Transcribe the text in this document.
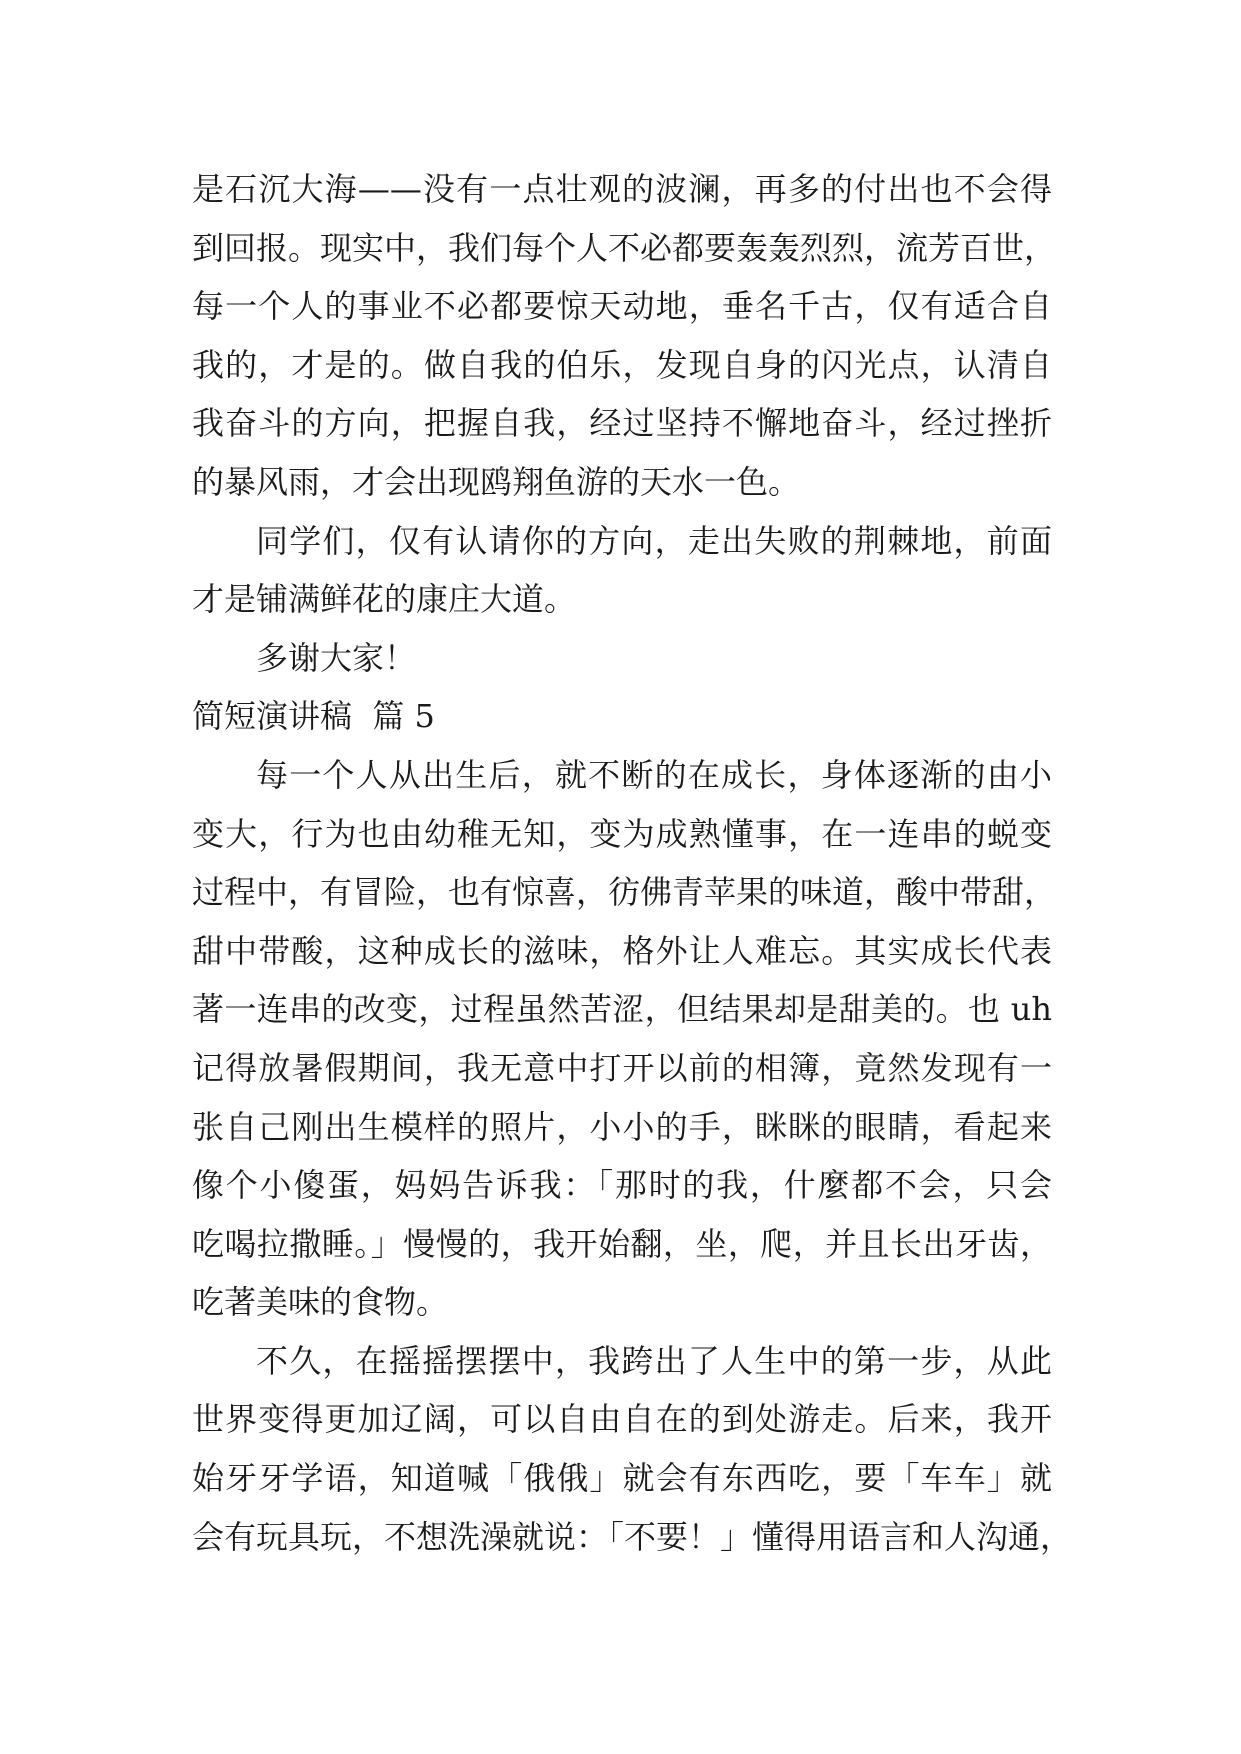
是石沉大海——没有一点壮观的波澜，再多的付出也不会得
到回报。现实中，我们每个人不必都要轰轰烈烈，流芳百世，
每一个人的事业不必都要惊天动地，垂名千古，仅有适合自
我的，才是的。做自我的伯乐，发现自身的闪光点，认清自
我奋斗的方向，把握自我，经过坚持不懈地奋斗，经过挫折
的暴风雨，才会出现鸥翔鱼游的天水一色。
同学们，仅有认请你的方向，走出失败的荆棘地，前面
才是铺满鲜花的康庄大道。
多谢大家！
简短演讲稿  篇 5
每一个人从出生后，就不断的在成长，身体逐渐的由小
变大，行为也由幼稚无知，变为成熟懂事，在一连串的蜕变
过程中，有冒险，也有惊喜，彷佛青苹果的味道，酸中带甜，
甜中带酸，这种成长的滋味，格外让人难忘。其实成长代表
著一连串的改变，过程虽然苦涩，但结果却是甜美的。也 uh
记得放暑假期间，我无意中打开以前的相簿，竟然发现有一
张自己刚出生模样的照片，小小的手，眯眯的眼睛，看起来
像个小傻蛋，妈妈告诉我：「那时的我，什麼都不会，只会
吃喝拉撒睡。」慢慢的，我开始翻，坐，爬，并且长出牙齿，
吃著美味的食物。
不久，在摇摇摆摆中，我跨出了人生中的第一步，从此
世界变得更加辽阔，可以自由自在的到处游走。后来，我开
始牙牙学语，知道喊「俄俄」就会有东西吃，要「车车」就
会有玩具玩，不想洗澡就说：「不要！」懂得用语言和人沟通，
